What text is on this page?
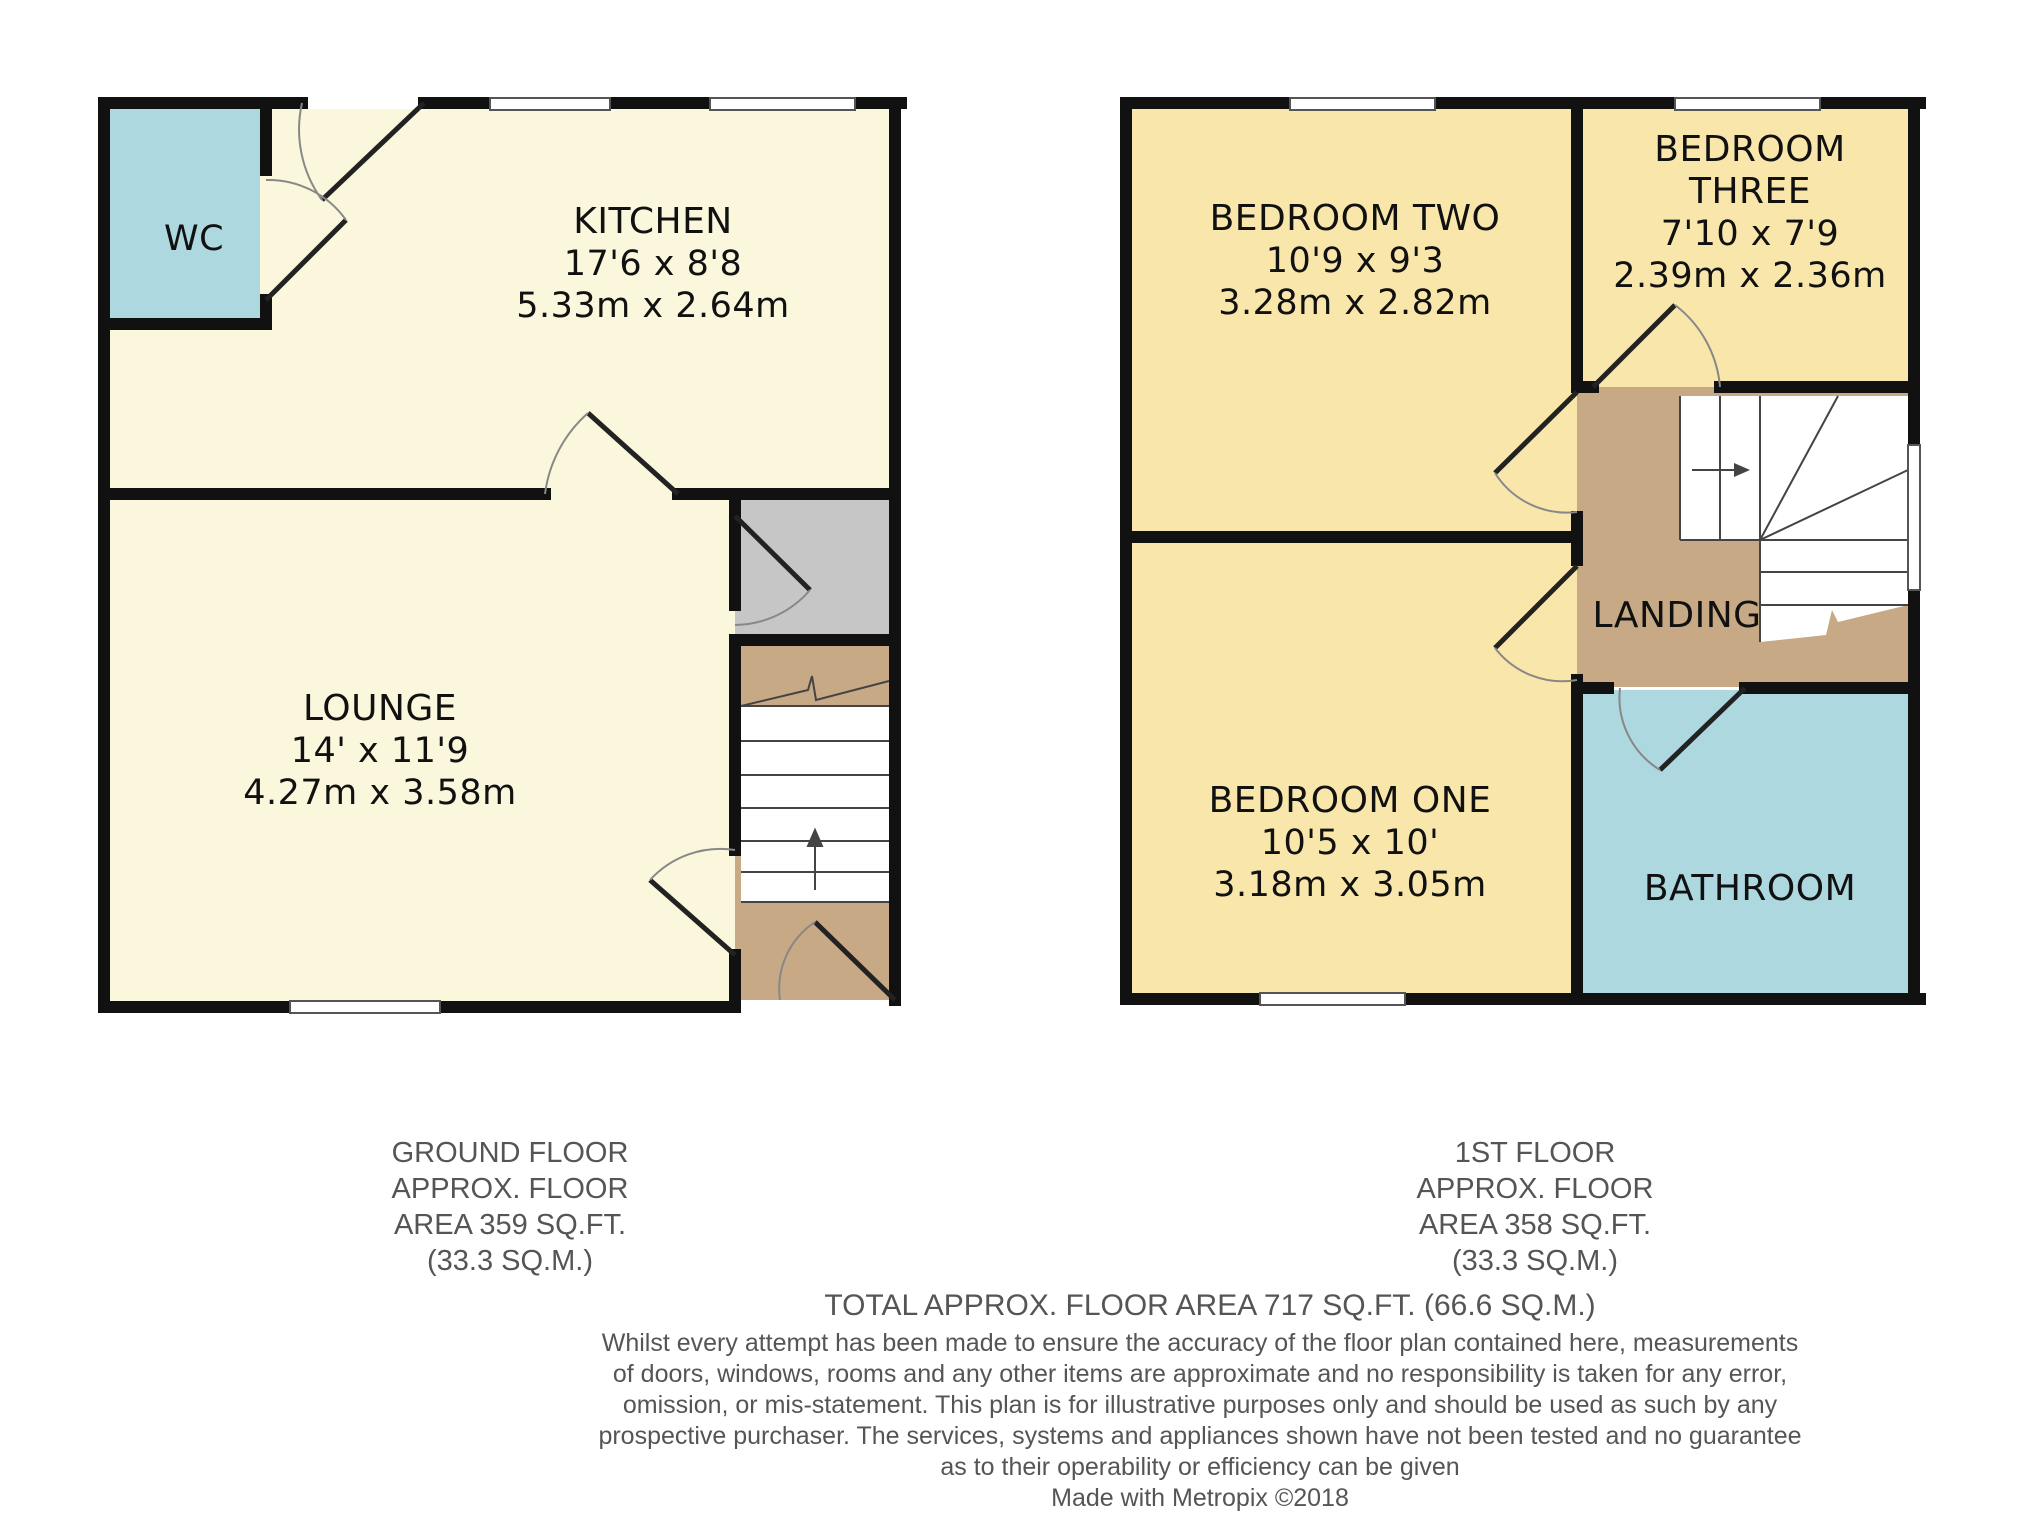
WC	KITCHEN
17'6 x 8'8
5.33m x 2.64m
LOUNGE
14' x 11'9
4.27m x 3.58m
BEDROOM TWO
10'9 x 9'3
3.28m x 2.82m
BEDROOM
THREE
7'10 x 7'9
2.39m x 2.36m
LANDING
BEDROOM ONE
10'5 x 10'
3.18m x 3.05m	BATHROOM
GROUND FLOOR
APPROX. FLOOR
AREA 359 SQ.FT.
(33.3 SQ.M.)
1ST FLOOR
APPROX. FLOOR
AREA 358 SQ.FT.
(33.3 SQ.M.)
TOTAL APPROX. FLOOR AREA 717 SQ.FT. (66.6 SQ.M.)
Whilst every attempt has been made to ensure the accuracy of the floor plan contained here, measurements
of doors, windows, rooms and any other items are approximate and no responsibility is taken for any error,
omission, or mis-statement. This plan is for illustrative purposes only and should be used as such by any
prospective purchaser. The services, systems and appliances shown have not been tested and no guarantee
as to their operability or efficiency can be given
Made with Metropix ©2018
